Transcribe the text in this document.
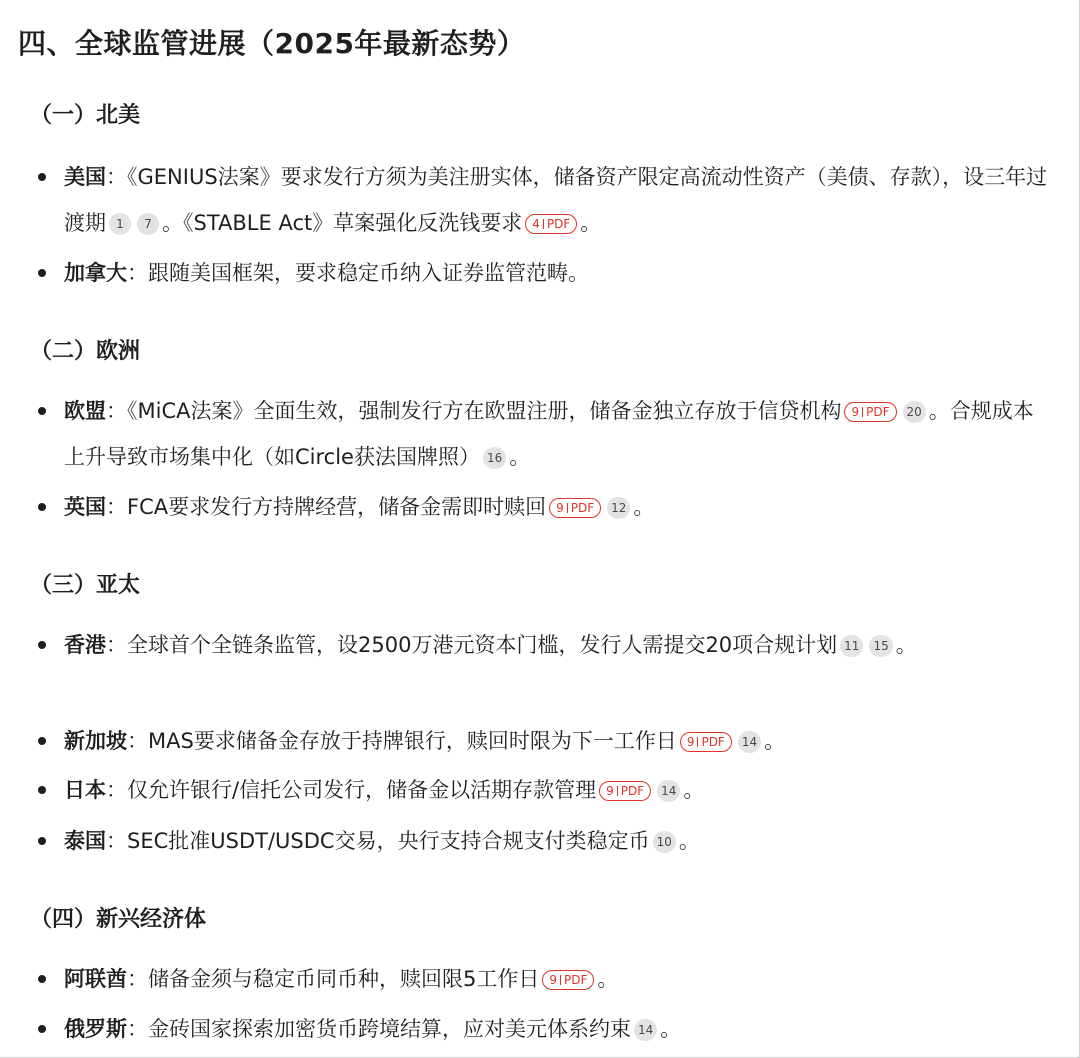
四、全球监管进展（2025年最新态势）
（一）北美
美国：《GENIUS法案》要求发行方须为美注册实体，储备资产限定高流动性资产（美债、存款），设三年过渡期 1 7 。《STABLE Act》草案强化反洗钱要求 4 PDF 。
加拿大：跟随美国框架，要求稳定币纳入证券监管范畴。
（二）欧洲
欧盟：《MiCA法案》全面生效，强制发行方在欧盟注册，储备金独立存放于信贷机构 9 PDF 20 。合规成本上升导致市场集中化（如Circle获法国牌照） 16 。
英国：FCA要求发行方持牌经营，储备金需即时赎回 9 PDF 12 。
（三）亚太
香港：全球首个全链条监管，设2500万港元资本门槛，发行人需提交20项合规计划 11 15 。
新加坡：MAS要求储备金存放于持牌银行，赎回时限为下一工作日 9 PDF 14 。
日本：仅允许银行/信托公司发行，储备金以活期存款管理 9 PDF 14 。
泰国：SEC批准USDT/USDC交易，央行支持合规支付类稳定币 10 。
（四）新兴经济体
阿联酋：储备金须与稳定币同币种，赎回限5工作日 9 PDF 。
俄罗斯：金砖国家探索加密货币跨境结算，应对美元体系约束 14 。
